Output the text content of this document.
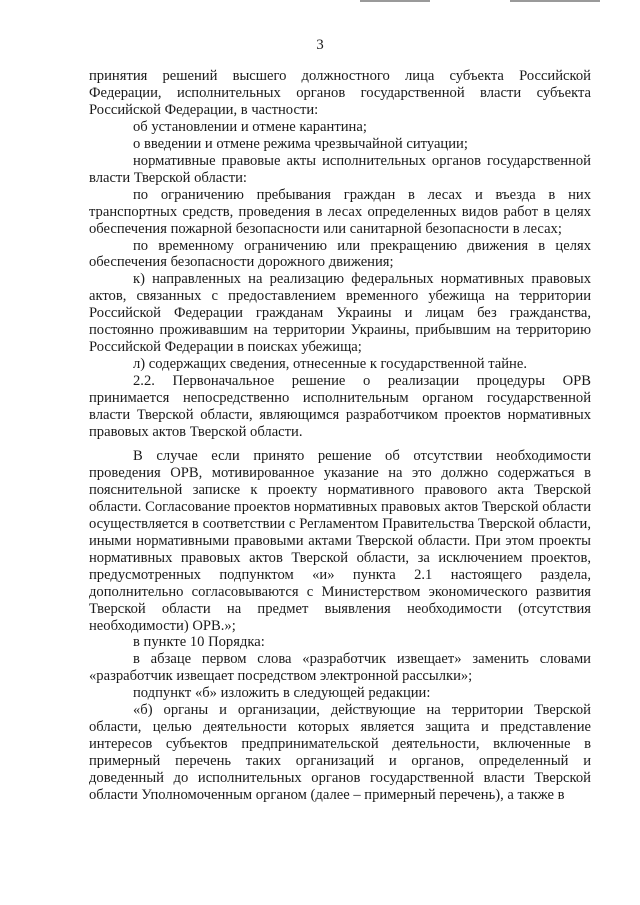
3

принятия решений высшего должностного лица субъекта Российской Федерации, исполнительных органов государственной власти субъекта Российской Федерации, в частности:

об установлении и отмене карантина;

о введении и отмене режима чрезвычайной ситуации;

нормативные правовые акты исполнительных органов государственной власти Тверской области:

по ограничению пребывания граждан в лесах и въезда в них транспортных средств, проведения в лесах определенных видов работ в целях обеспечения пожарной безопасности или санитарной безопасности в лесах;

по временному ограничению или прекращению движения в целях обеспечения безопасности дорожного движения;

к) направленных на реализацию федеральных нормативных правовых актов, связанных с предоставлением временного убежища на территории Российской Федерации гражданам Украины и лицам без гражданства, постоянно проживавшим на территории Украины, прибывшим на территорию Российской Федерации в поисках убежища;

л) содержащих сведения, отнесенные к государственной тайне.

2.2. Первоначальное решение о реализации процедуры ОРВ принимается непосредственно исполнительным органом государственной власти Тверской области, являющимся разработчиком проектов нормативных правовых актов Тверской области.

В случае если принято решение об отсутствии необходимости проведения ОРВ, мотивированное указание на это должно содержаться в пояснительной записке к проекту нормативного правового акта Тверской области. Согласование проектов нормативных правовых актов Тверской области осуществляется в соответствии с Регламентом Правительства Тверской области, иными нормативными правовыми актами Тверской области. При этом проекты нормативных правовых актов Тверской области, за исключением проектов, предусмотренных подпунктом «и» пункта 2.1 настоящего раздела, дополнительно согласовываются с Министерством экономического развития Тверской области на предмет выявления необходимости (отсутствия необходимости) ОРВ.»;

в пункте 10 Порядка:

в абзаце первом слова «разработчик извещает» заменить словами «разработчик извещает посредством электронной рассылки»;

подпункт «б» изложить в следующей редакции:

«б) органы и организации, действующие на территории Тверской области, целью деятельности которых является защита и представление интересов субъектов предпринимательской деятельности, включенные в примерный перечень таких организаций и органов, определенный и доведенный до исполнительных органов государственной власти Тверской области Уполномоченным органом (далее – примерный перечень), а также в
